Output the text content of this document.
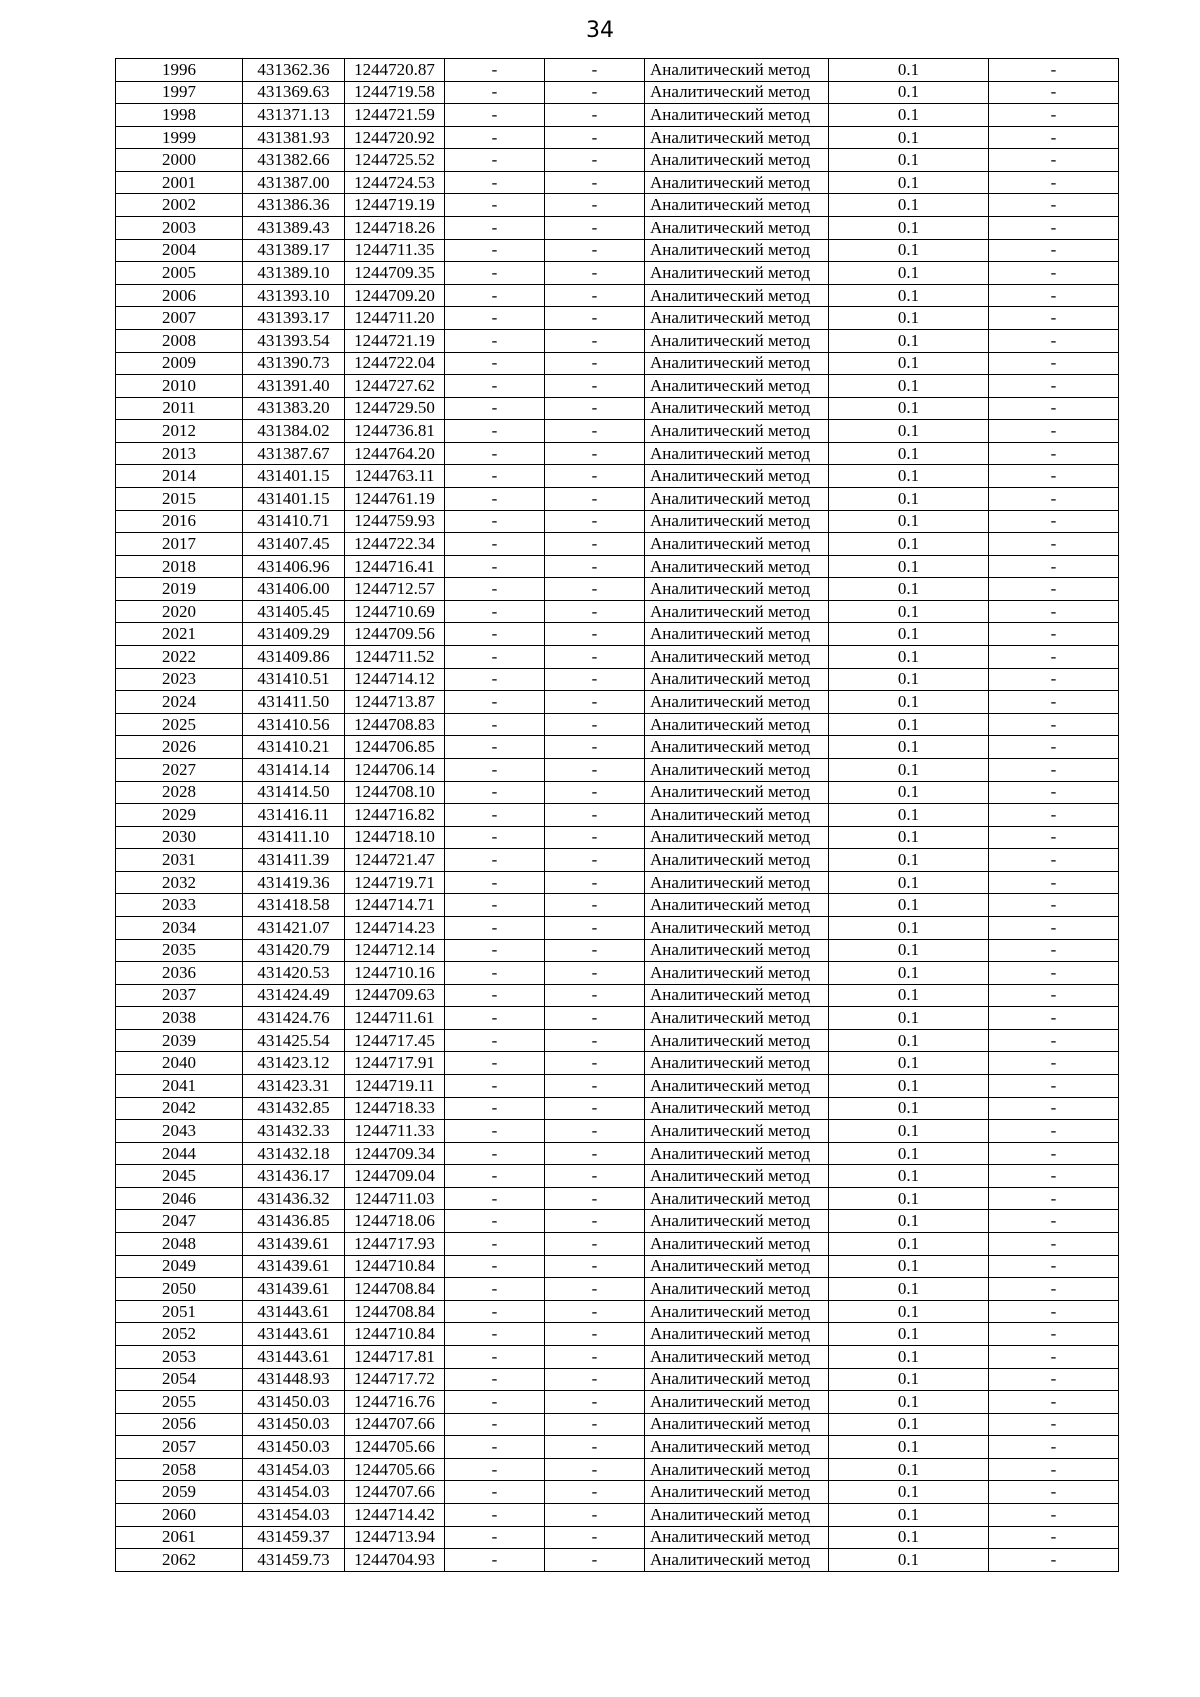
34
1996	431362.36	1244720.87	-	-	Аналитический метод	0.1	-
1997	431369.63	1244719.58	-	-	Аналитический метод	0.1	-
1998	431371.13	1244721.59	-	-	Аналитический метод	0.1	-
1999	431381.93	1244720.92	-	-	Аналитический метод	0.1	-
2000	431382.66	1244725.52	-	-	Аналитический метод	0.1	-
2001	431387.00	1244724.53	-	-	Аналитический метод	0.1	-
2002	431386.36	1244719.19	-	-	Аналитический метод	0.1	-
2003	431389.43	1244718.26	-	-	Аналитический метод	0.1	-
2004	431389.17	1244711.35	-	-	Аналитический метод	0.1	-
2005	431389.10	1244709.35	-	-	Аналитический метод	0.1	-
2006	431393.10	1244709.20	-	-	Аналитический метод	0.1	-
2007	431393.17	1244711.20	-	-	Аналитический метод	0.1	-
2008	431393.54	1244721.19	-	-	Аналитический метод	0.1	-
2009	431390.73	1244722.04	-	-	Аналитический метод	0.1	-
2010	431391.40	1244727.62	-	-	Аналитический метод	0.1	-
2011	431383.20	1244729.50	-	-	Аналитический метод	0.1	-
2012	431384.02	1244736.81	-	-	Аналитический метод	0.1	-
2013	431387.67	1244764.20	-	-	Аналитический метод	0.1	-
2014	431401.15	1244763.11	-	-	Аналитический метод	0.1	-
2015	431401.15	1244761.19	-	-	Аналитический метод	0.1	-
2016	431410.71	1244759.93	-	-	Аналитический метод	0.1	-
2017	431407.45	1244722.34	-	-	Аналитический метод	0.1	-
2018	431406.96	1244716.41	-	-	Аналитический метод	0.1	-
2019	431406.00	1244712.57	-	-	Аналитический метод	0.1	-
2020	431405.45	1244710.69	-	-	Аналитический метод	0.1	-
2021	431409.29	1244709.56	-	-	Аналитический метод	0.1	-
2022	431409.86	1244711.52	-	-	Аналитический метод	0.1	-
2023	431410.51	1244714.12	-	-	Аналитический метод	0.1	-
2024	431411.50	1244713.87	-	-	Аналитический метод	0.1	-
2025	431410.56	1244708.83	-	-	Аналитический метод	0.1	-
2026	431410.21	1244706.85	-	-	Аналитический метод	0.1	-
2027	431414.14	1244706.14	-	-	Аналитический метод	0.1	-
2028	431414.50	1244708.10	-	-	Аналитический метод	0.1	-
2029	431416.11	1244716.82	-	-	Аналитический метод	0.1	-
2030	431411.10	1244718.10	-	-	Аналитический метод	0.1	-
2031	431411.39	1244721.47	-	-	Аналитический метод	0.1	-
2032	431419.36	1244719.71	-	-	Аналитический метод	0.1	-
2033	431418.58	1244714.71	-	-	Аналитический метод	0.1	-
2034	431421.07	1244714.23	-	-	Аналитический метод	0.1	-
2035	431420.79	1244712.14	-	-	Аналитический метод	0.1	-
2036	431420.53	1244710.16	-	-	Аналитический метод	0.1	-
2037	431424.49	1244709.63	-	-	Аналитический метод	0.1	-
2038	431424.76	1244711.61	-	-	Аналитический метод	0.1	-
2039	431425.54	1244717.45	-	-	Аналитический метод	0.1	-
2040	431423.12	1244717.91	-	-	Аналитический метод	0.1	-
2041	431423.31	1244719.11	-	-	Аналитический метод	0.1	-
2042	431432.85	1244718.33	-	-	Аналитический метод	0.1	-
2043	431432.33	1244711.33	-	-	Аналитический метод	0.1	-
2044	431432.18	1244709.34	-	-	Аналитический метод	0.1	-
2045	431436.17	1244709.04	-	-	Аналитический метод	0.1	-
2046	431436.32	1244711.03	-	-	Аналитический метод	0.1	-
2047	431436.85	1244718.06	-	-	Аналитический метод	0.1	-
2048	431439.61	1244717.93	-	-	Аналитический метод	0.1	-
2049	431439.61	1244710.84	-	-	Аналитический метод	0.1	-
2050	431439.61	1244708.84	-	-	Аналитический метод	0.1	-
2051	431443.61	1244708.84	-	-	Аналитический метод	0.1	-
2052	431443.61	1244710.84	-	-	Аналитический метод	0.1	-
2053	431443.61	1244717.81	-	-	Аналитический метод	0.1	-
2054	431448.93	1244717.72	-	-	Аналитический метод	0.1	-
2055	431450.03	1244716.76	-	-	Аналитический метод	0.1	-
2056	431450.03	1244707.66	-	-	Аналитический метод	0.1	-
2057	431450.03	1244705.66	-	-	Аналитический метод	0.1	-
2058	431454.03	1244705.66	-	-	Аналитический метод	0.1	-
2059	431454.03	1244707.66	-	-	Аналитический метод	0.1	-
2060	431454.03	1244714.42	-	-	Аналитический метод	0.1	-
2061	431459.37	1244713.94	-	-	Аналитический метод	0.1	-
2062	431459.73	1244704.93	-	-	Аналитический метод	0.1	-
